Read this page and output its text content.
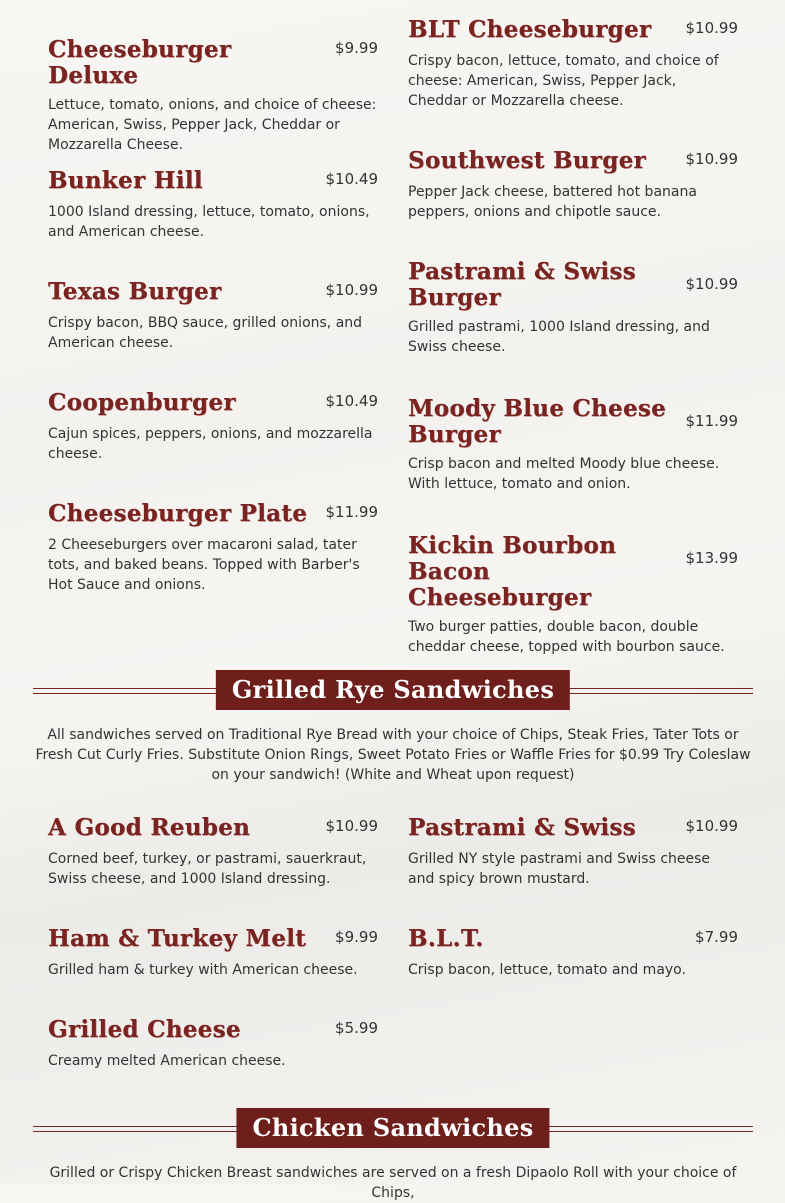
Cheeseburger Deluxe
$9.99
Lettuce, tomato, onions, and choice of cheese: American, Swiss, Pepper Jack, Cheddar or Mozzarella Cheese.
Bunker Hill	$10.49
1000 Island dressing, lettuce, tomato, onions, and American cheese.
Texas Burger	$10.99
Crispy bacon, BBQ sauce, grilled onions, and American cheese.
Coopenburger	$10.49
Cajun spices, peppers, onions, and mozzarella cheese.
Cheeseburger Plate	$11.99
2 Cheeseburgers over macaroni salad, tater tots, and baked beans. Topped with Barber's Hot Sauce and onions.
BLT Cheeseburger	$10.99
Crispy bacon, lettuce, tomato, and choice of cheese: American, Swiss, Pepper Jack, Cheddar or Mozzarella cheese.
Southwest Burger	$10.99
Pepper Jack cheese, battered hot banana peppers, onions and chipotle sauce.
Pastrami & Swiss Burger	$10.99
Grilled pastrami, 1000 Island dressing, and Swiss cheese.
Moody Blue Cheese Burger	$11.99
Crisp bacon and melted Moody blue cheese. With lettuce, tomato and onion.
Kickin Bourbon Bacon Cheeseburger
$13.99
Two burger patties, double bacon, double cheddar cheese, topped with bourbon sauce.
Grilled Rye Sandwiches
All sandwiches served on Traditional Rye Bread with your choice of Chips, Steak Fries, Tater Tots or Fresh Cut Curly Fries. Substitute Onion Rings, Sweet Potato Fries or Waffle Fries for $0.99 Try Coleslaw on your sandwich! (White and Wheat upon request)
A Good Reuben	$10.99
Corned beef, turkey, or pastrami, sauerkraut, Swiss cheese, and 1000 Island dressing.
Pastrami & Swiss	$10.99
Grilled NY style pastrami and Swiss cheese and spicy brown mustard.
Ham & Turkey Melt	$9.99
Grilled ham & turkey with American cheese.
B.L.T.	$7.99
Crisp bacon, lettuce, tomato and mayo.
Grilled Cheese	$5.99
Creamy melted American cheese.
Chicken Sandwiches
Grilled or Crispy Chicken Breast sandwiches are served on a fresh Dipaolo Roll with your choice of Chips,
